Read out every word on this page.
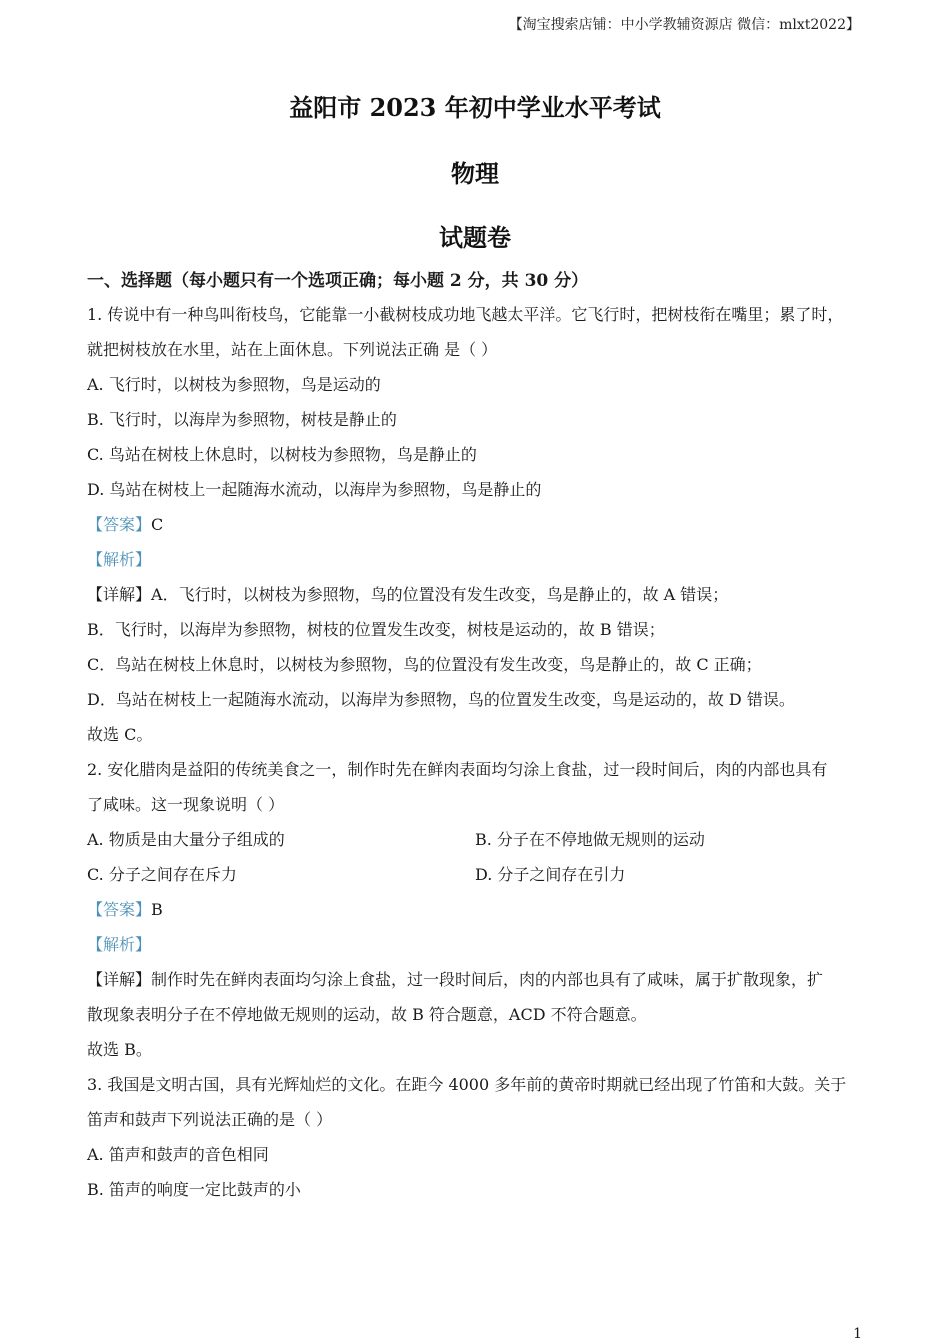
【淘宝搜索店铺：中小学教辅资源店 微信：mlxt2022】
益阳市 2023 年初中学业水平考试
物理
试题卷

一、选择题（每小题只有一个选项正确；每小题 2 分，共 30 分）

1. 传说中有一种鸟叫衔枝鸟，它能靠一小截树枝成功地飞越太平洋。它飞行时，把树枝衔在嘴里；累了时，

就把树枝放在水里，站在上面休息。下列说法正确 是（ ）

A. 飞行时，以树枝为参照物，鸟是运动的

B. 飞行时，以海岸为参照物，树枝是静止的

C. 鸟站在树枝上休息时，以树枝为参照物，鸟是静止的

D. 鸟站在树枝上一起随海水流动，以海岸为参照物，鸟是静止的

【答案】C

【解析】

【详解】A．飞行时，以树枝为参照物，鸟的位置没有发生改变，鸟是静止的，故 A 错误；

B．飞行时，以海岸为参照物，树枝的位置发生改变，树枝是运动的，故 B 错误；

C．鸟站在树枝上休息时，以树枝为参照物，鸟的位置没有发生改变，鸟是静止的，故 C 正确；

D．鸟站在树枝上一起随海水流动，以海岸为参照物，鸟的位置发生改变，鸟是运动的，故 D 错误。

故选 C。

2. 安化腊肉是益阳的传统美食之一，制作时先在鲜肉表面均匀涂上食盐，过一段时间后，肉的内部也具有

了咸味。这一现象说明（ ）

A. 物质是由大量分子组成的	B. 分子在不停地做无规则的运动

C. 分子之间存在斥力	D. 分子之间存在引力

【答案】B

【解析】

【详解】制作时先在鲜肉表面均匀涂上食盐，过一段时间后，肉的内部也具有了咸味，属于扩散现象，扩

散现象表明分子在不停地做无规则的运动，故 B 符合题意，ACD 不符合题意。

故选 B。

3. 我国是文明古国，具有光辉灿烂的文化。在距今 4000 多年前的黄帝时期就已经出现了竹笛和大鼓。关于

笛声和鼓声下列说法正确的是（ ）

A. 笛声和鼓声的音色相同

B. 笛声的响度一定比鼓声的小

1
